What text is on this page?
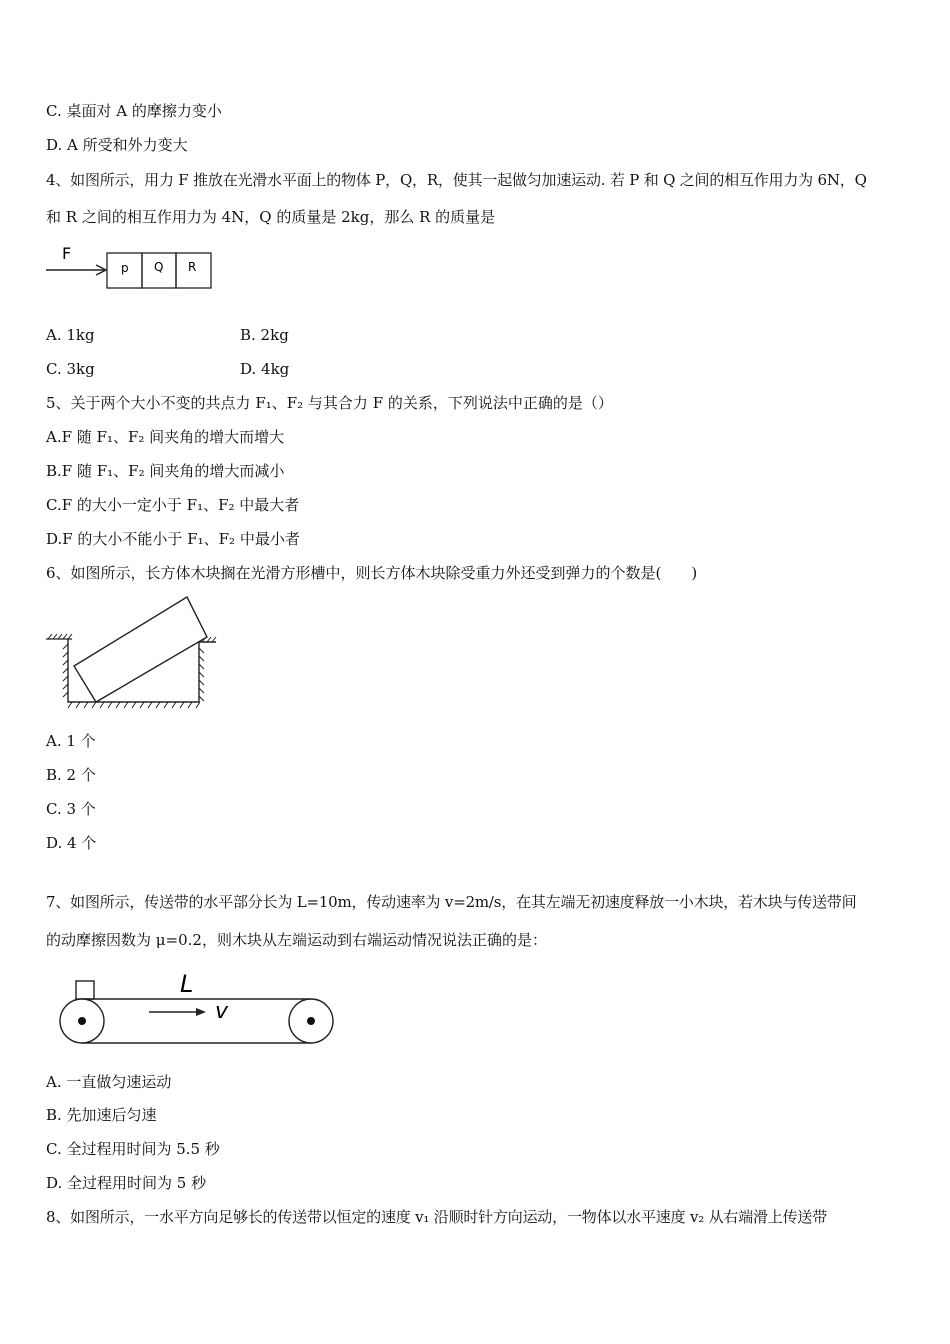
C. 桌面对 A 的摩擦力变小
D. A 所受和外力变大
4、如图所示，用力 F 推放在光滑水平面上的物体 P，Q，R，使其一起做匀加速运动. 若 P 和 Q 之间的相互作用力为 6N，Q
和 R 之间的相互作用力为 4N，Q 的质量是 2kg，那么 R 的质量是
F
p Q R
A. 1kg	B. 2kg
C. 3kg	D. 4kg
5、关于两个大小不变的共点力 F₁、F₂ 与其合力 F 的关系，下列说法中正确的是（）
A.F 随 F₁、F₂ 间夹角的增大而增大
B.F 随 F₁、F₂ 间夹角的增大而减小
C.F 的大小一定小于 F₁、F₂ 中最大者
D.F 的大小不能小于 F₁、F₂ 中最小者
6、如图所示，长方体木块搁在光滑方形槽中，则长方体木块除受重力外还受到弹力的个数是(　　)
A. 1 个
B. 2 个
C. 3 个
D. 4 个
7、如图所示，传送带的水平部分长为 L=10m，传动速率为 v=2m/s，在其左端无初速度释放一小木块，若木块与传送带间
的动摩擦因数为 μ=0.2，则木块从左端运动到右端运动情况说法正确的是：
L
v
A. 一直做匀速运动
B. 先加速后匀速
C. 全过程用时间为 5.5 秒
D. 全过程用时间为 5 秒
8、如图所示，一水平方向足够长的传送带以恒定的速度 v₁ 沿顺时针方向运动，一物体以水平速度 v₂ 从右端滑上传送带
